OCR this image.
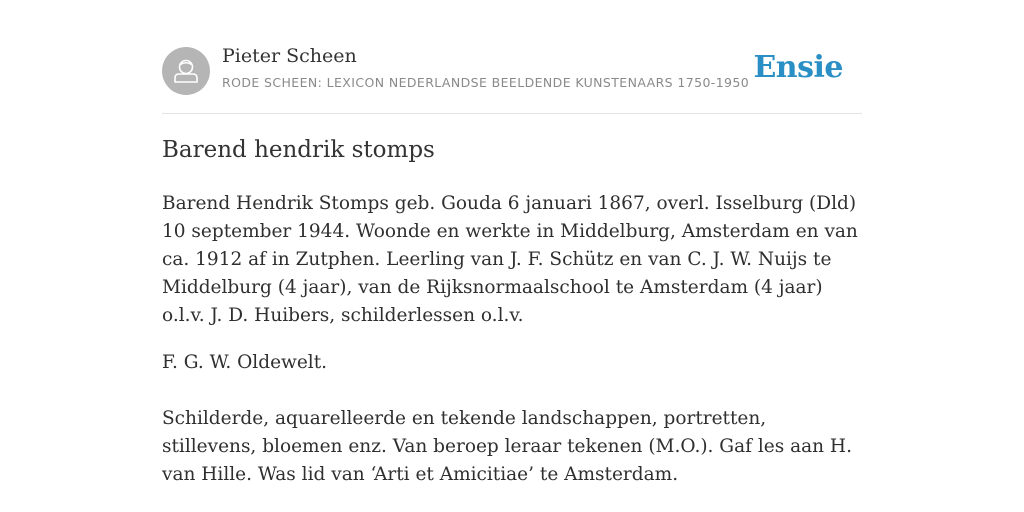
Pieter Scheen
RODE SCHEEN: LEXICON NEDERLANDSE BEELDENDE KUNSTENAARS 1750-1950 Ensie
Barend hendrik stomps

Barend Hendrik Stomps geb. Gouda 6 januari 1867, overl. Isselburg (Dld) 10 september 1944. Woonde en werkte in Middelburg, Amsterdam en van ca. 1912 af in Zutphen. Leerling van J. F. Schütz en van C. J. W. Nuijs te Middelburg (4 jaar), van de Rijksnormaalschool te Amsterdam (4 jaar) o.l.v. J. D. Huibers, schilderlessen o.l.v.

F. G. W. Oldewelt.

Schilderde, aquarelleerde en tekende landschappen, portretten, stillevens, bloemen enz. Van beroep leraar tekenen (M.O.). Gaf les aan H. van Hille. Was lid van ‘Arti et Amicitiae’ te Amsterdam.
